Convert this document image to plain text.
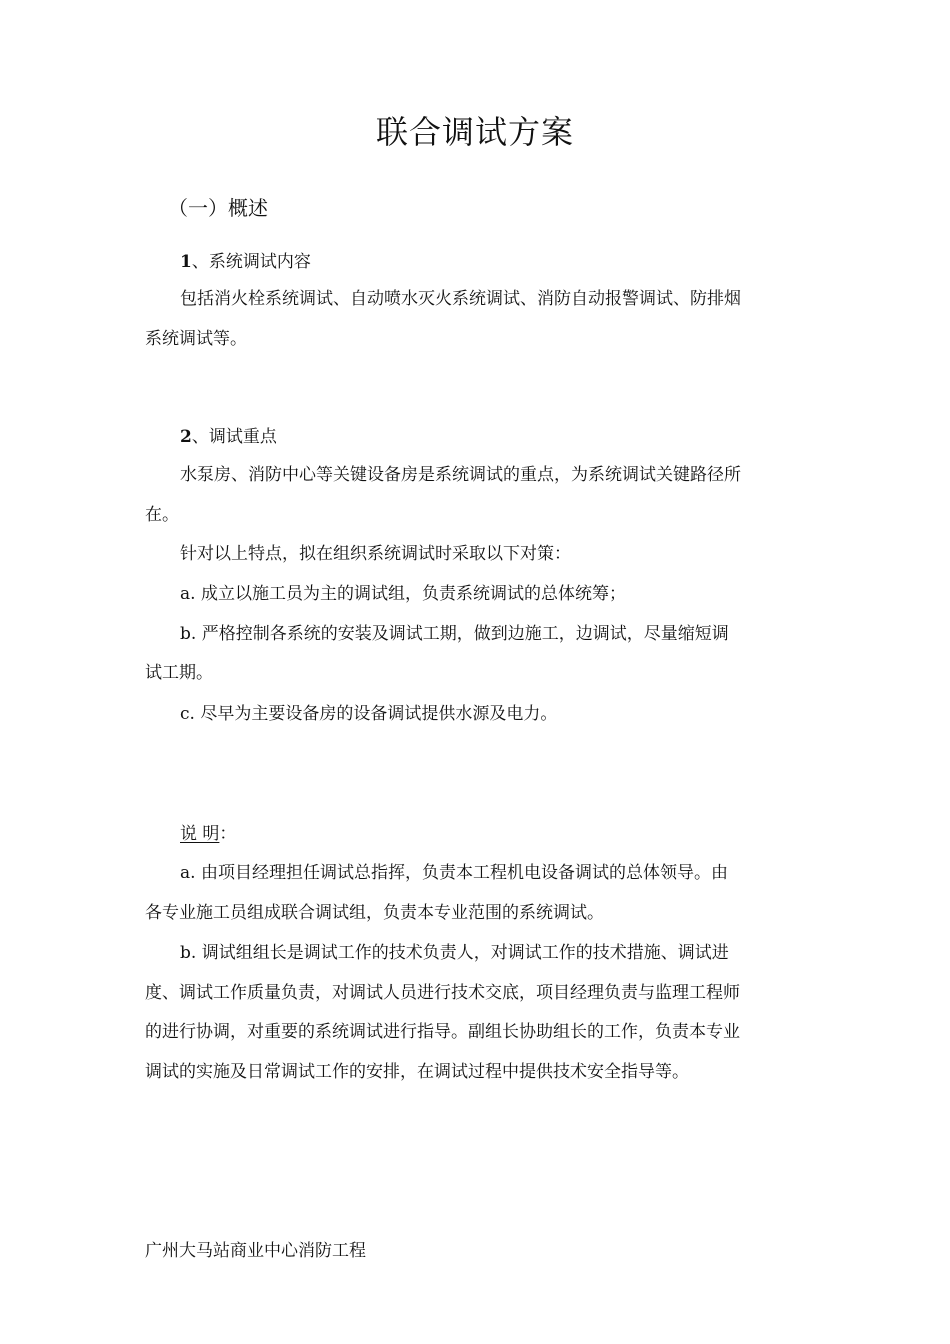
联合调试方案
（一）概述
1、系统调试内容
包括消火栓系统调试、自动喷水灭火系统调试、消防自动报警调试、防排烟
系统调试等。
2、调试重点
水泵房、消防中心等关键设备房是系统调试的重点，为系统调试关键路径所
在。
针对以上特点，拟在组织系统调试时采取以下对策：
a. 成立以施工员为主的调试组，负责系统调试的总体统筹；
b. 严格控制各系统的安装及调试工期，做到边施工，边调试，尽量缩短调
试工期。
c. 尽早为主要设备房的设备调试提供水源及电力。
说 明：
a. 由项目经理担任调试总指挥，负责本工程机电设备调试的总体领导。由
各专业施工员组成联合调试组，负责本专业范围的系统调试。
b. 调试组组长是调试工作的技术负责人，对调试工作的技术措施、调试进
度、调试工作质量负责，对调试人员进行技术交底，项目经理负责与监理工程师
的进行协调，对重要的系统调试进行指导。副组长协助组长的工作，负责本专业
调试的实施及日常调试工作的安排，在调试过程中提供技术安全指导等。
广州大马站商业中心消防工程
